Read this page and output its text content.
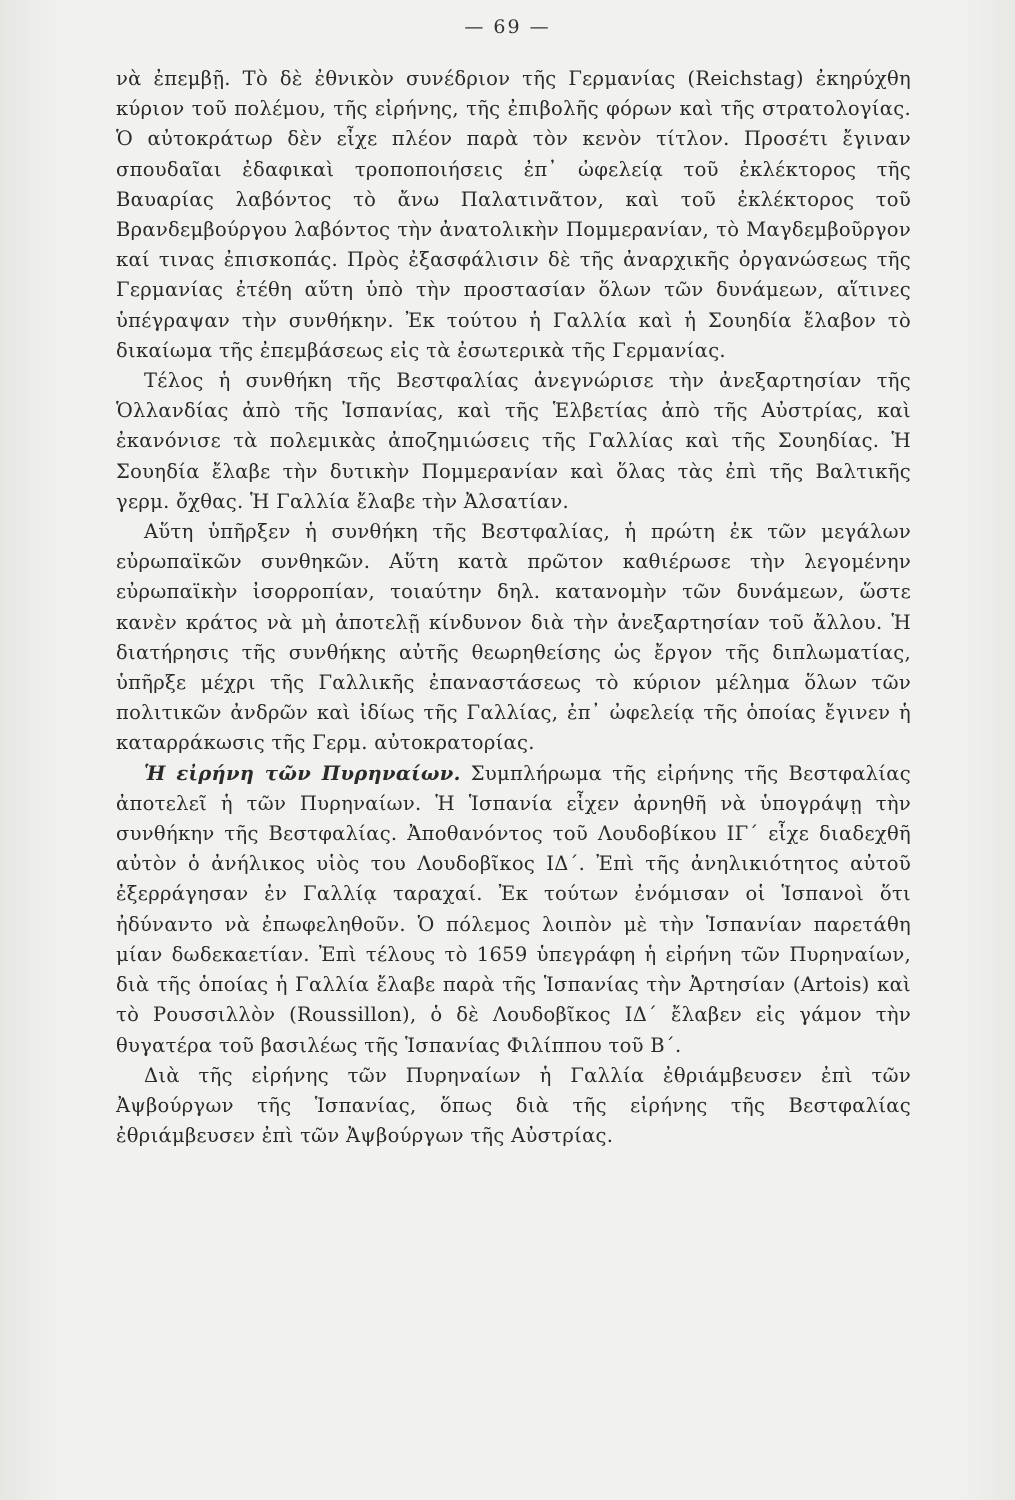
— 69 —

νὰ ἐπεμβῇ. Τὸ δὲ ἐθνικὸν συνέδριον τῆς Γερμανίας (Reichstag) ἐκηρύχθη κύριον τοῦ πολέμου, τῆς εἰρήνης, τῆς ἐπιβολῆς φόρων καὶ τῆς στρατολογίας. Ὁ αὐτοκράτωρ δὲν εἶχε πλέον παρὰ τὸν κενὸν τίτλον. Προσέτι ἔγιναν σπουδαῖαι ἐδαφικαὶ τροποποιήσεις ἐπ᾽ ὠφελείᾳ τοῦ ἐκλέκτορος τῆς Βαυαρίας λαβόντος τὸ ἄνω Παλατινᾶτον, καὶ τοῦ ἐκλέκτορος τοῦ Βρανδεμβούργου λαβόντος τὴν ἀνατολικὴν Πομμερανίαν, τὸ Μαγδεμβοῦργον καί τινας ἐπισκοπάς. Πρὸς ἐξασφάλισιν δὲ τῆς ἀναρχικῆς ὀργανώσεως τῆς Γερμανίας ἐτέθη αὕτη ὑπὸ τὴν προστασίαν ὅλων τῶν δυνάμεων, αἵτινες ὑπέγραψαν τὴν συνθήκην. Ἐκ τούτου ἡ Γαλλία καὶ ἡ Σουηδία ἔλαβον τὸ δικαίωμα τῆς ἐπεμβάσεως εἰς τὰ ἐσωτερικὰ τῆς Γερμανίας.

Τέλος ἡ συνθήκη τῆς Βεστφαλίας ἀνεγνώρισε τὴν ἀνεξαρτησίαν τῆς Ὁλλανδίας ἀπὸ τῆς Ἱσπανίας, καὶ τῆς Ἑλβετίας ἀπὸ τῆς Αὐστρίας, καὶ ἐκανόνισε τὰ πολεμικὰς ἀποζημιώσεις τῆς Γαλλίας καὶ τῆς Σουηδίας. Ἡ Σουηδία ἔλαβε τὴν δυτικὴν Πομμερανίαν καὶ ὅλας τὰς ἐπὶ τῆς Βαλτικῆς γερμ. ὄχθας. Ἡ Γαλλία ἔλαβε τὴν Ἀλσατίαν.

Αὕτη ὑπῆρξεν ἡ συνθήκη τῆς Βεστφαλίας, ἡ πρώτη ἐκ τῶν μεγάλων εὐρωπαϊκῶν συνθηκῶν. Αὕτη κατὰ πρῶτον καθιέρωσε τὴν λεγομένην εὐρωπαϊκὴν ἰσορροπίαν, τοιαύτην δηλ. κατανομὴν τῶν δυνάμεων, ὥστε κανὲν κράτος νὰ μὴ ἀποτελῇ κίνδυνον διὰ τὴν ἀνεξαρτησίαν τοῦ ἄλλου. Ἡ διατήρησις τῆς συνθήκης αὐτῆς θεωρηθείσης ὡς ἔργον τῆς διπλωματίας, ὑπῆρξε μέχρι τῆς Γαλλικῆς ἐπαναστάσεως τὸ κύριον μέλημα ὅλων τῶν πολιτικῶν ἀνδρῶν καὶ ἰδίως τῆς Γαλλίας, ἐπ᾽ ὠφελείᾳ τῆς ὁποίας ἔγινεν ἡ καταρράκωσις τῆς Γερμ. αὐτοκρατορίας.

Ἡ εἰρήνη τῶν Πυρηναίων. Συμπλήρωμα τῆς εἰρήνης τῆς Βεστφαλίας ἀποτελεῖ ἡ τῶν Πυρηναίων. Ἡ Ἱσπανία εἶχεν ἀρνηθῆ νὰ ὑπογράψῃ τὴν συνθήκην τῆς Βεστφαλίας. Ἀποθανόντος τοῦ Λουδοβίκου ΙΓ΄ εἶχε διαδεχθῆ αὐτὸν ὁ ἀνήλικος υἱὸς του Λουδοβῖκος ΙΔ΄. Ἐπὶ τῆς ἀνηλικιότητος αὐτοῦ ἐξερράγησαν ἐν Γαλλίᾳ ταραχαί. Ἐκ τούτων ἐνόμισαν οἱ Ἱσπανοὶ ὅτι ἠδύναντο νὰ ἐπωφεληθοῦν. Ὁ πόλεμος λοιπὸν μὲ τὴν Ἱσπανίαν παρετάθη μίαν δωδεκαετίαν. Ἐπὶ τέλους τὸ 1659 ὑπεγράφη ἡ εἰρήνη τῶν Πυρηναίων, διὰ τῆς ὁποίας ἡ Γαλλία ἔλαβε παρὰ τῆς Ἱσπανίας τὴν Ἀρτησίαν (Artois) καὶ τὸ Ρουσσιλλὸν (Roussillon), ὁ δὲ Λουδοβῖκος ΙΔ΄ ἔλαβεν εἰς γάμον τὴν θυγατέρα τοῦ βασιλέως τῆς Ἱσπανίας Φιλίππου τοῦ Β΄.

Διὰ τῆς εἰρήνης τῶν Πυρηναίων ἡ Γαλλία ἐθριάμβευσεν ἐπὶ τῶν Ἀψβούργων τῆς Ἱσπανίας, ὅπως διὰ τῆς εἰρήνης τῆς Βεστφαλίας ἐθριάμβευσεν ἐπὶ τῶν Ἀψβούργων τῆς Αὐστρίας.
